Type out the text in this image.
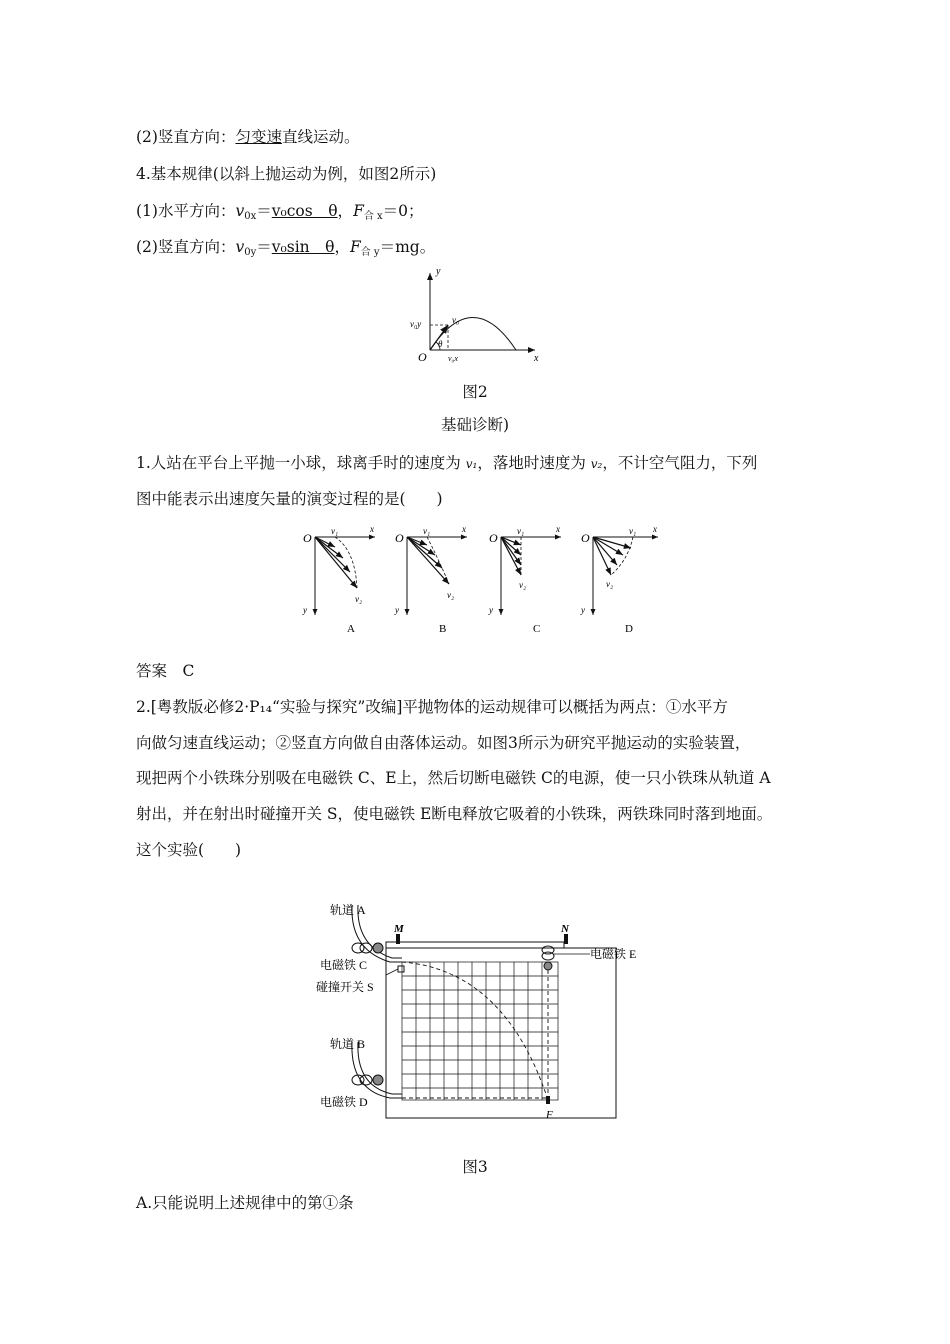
(2)竖直方向：匀变速直线运动。
4.基本规律(以斜上抛运动为例，如图2所示)
(1)水平方向：$v_{0x}=v_0\cos$　θ，$F_{合 x}=0$；
(2)竖直方向：$v_{0y}=v_0\sin$　θ，$F_{合 y}=mg$。
y
x
O
v₀
v₀y
v₀x
θ
图2
基础诊断)
1.人站在平台上平抛一小球，球离手时的速度为 v₁，落地时速度为 v₂，不计空气阻力，下列
图中能表示出速度矢量的演变过程的是(　　)
O v₁	x
y
v₂
A
O v₁	x
y
v₂
B
O v₁	x
y
v₂
C
O	v₁ x
y
v₂
D
答案　C
2.[粤教版必修2·P₁₄“实验与探究”改编]平抛物体的运动规律可以概括为两点：①水平方
向做匀速直线运动；②竖直方向做自由落体运动。如图3所示为研究平抛运动的实验装置，
现把两个小铁珠分别吸在电磁铁 C、E上，然后切断电磁铁 C的电源，使一只小铁珠从轨道 A
射出，并在射出时碰撞开关 S，使电磁铁 E断电释放它吸着的小铁珠，两铁珠同时落到地面。
这个实验(　　)
轨道 A
电磁铁 C
碰撞开关 S
轨道 B
电磁铁 D
电磁铁 E
M	N
F
图3
A.只能说明上述规律中的第①条
